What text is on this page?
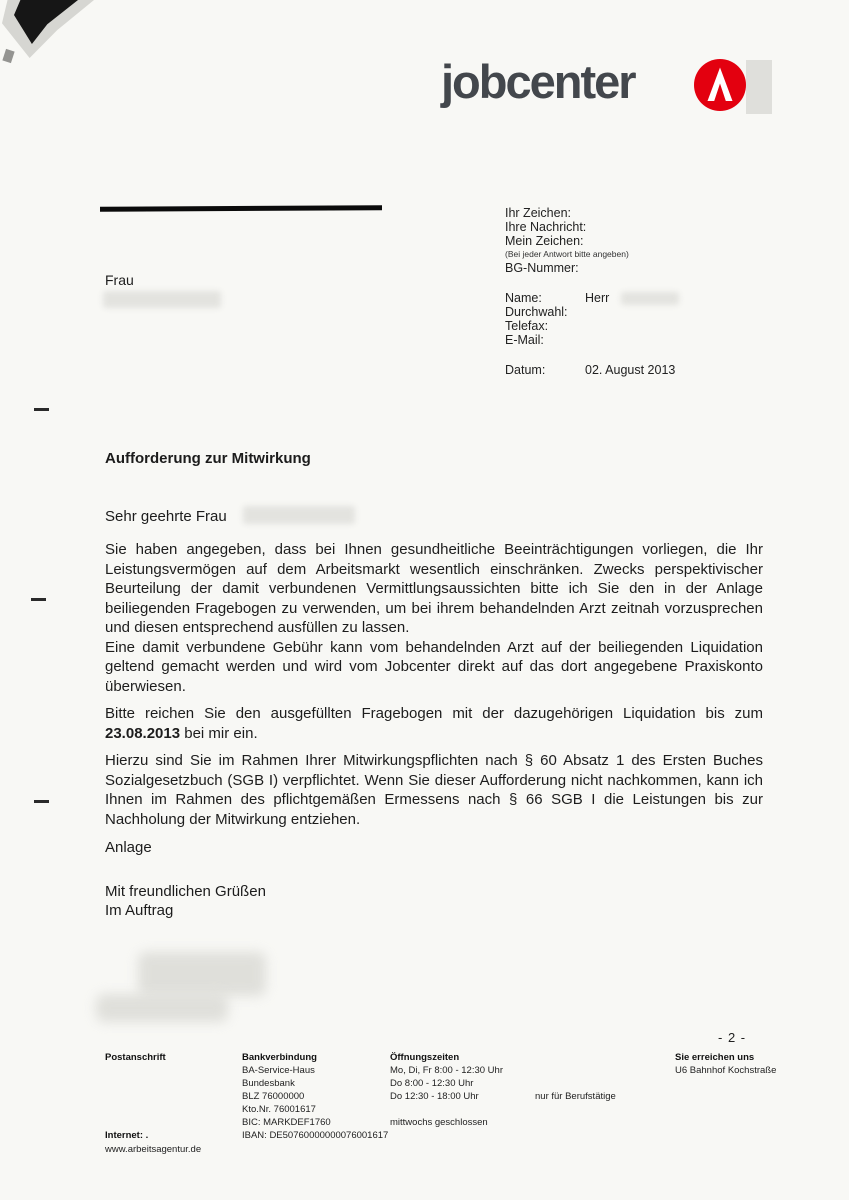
jobcenter
Frau
Ihr Zeichen:
Ihre Nachricht:
Mein Zeichen:
(Bei jeder Antwort bitte angeben)
BG-Nummer:
Name:	Herr
Durchwahl:
Telefax:
E-Mail:
Datum:	02. August 2013
Aufforderung zur Mitwirkung
Sehr geehrte Frau

Sie haben angegeben, dass bei Ihnen gesundheitliche Beeinträchtigungen vorliegen, die Ihr Leistungsvermögen auf dem Arbeitsmarkt wesentlich einschränken. Zwecks perspektivischer Beurteilung der damit verbundenen Vermittlungsaussichten bitte ich Sie den in der Anlage beiliegenden Fragebogen zu verwenden, um bei ihrem behandelnden Arzt zeitnah vorzusprechen und diesen entsprechend ausfüllen zu lassen.

Eine damit verbundene Gebühr kann vom behandelnden Arzt auf der beiliegenden Liquidation geltend gemacht werden und wird vom Jobcenter direkt auf das dort angegebene Praxiskonto überwiesen.

Bitte reichen Sie den ausgefüllten Fragebogen mit der dazugehörigen Liquidation bis zum 23.08.2013 bei mir ein.

Hierzu sind Sie im Rahmen Ihrer Mitwirkungspflichten nach § 60 Absatz 1 des Ersten Buches Sozialgesetzbuch (SGB I) verpflichtet. Wenn Sie dieser Aufforderung nicht nachkommen, kann ich Ihnen im Rahmen des pflichtgemäßen Ermessens nach § 66 SGB I die Leistungen bis zur Nachholung der Mitwirkung entziehen.

Anlage
Mit freundlichen Grüßen
Im Auftrag
- 2 -
Postanschrift
Internet: .
www.arbeitsagentur.de
Bankverbindung
BA-Service-Haus
Bundesbank
BLZ 76000000
Kto.Nr. 76001617
BIC: MARKDEF1760
IBAN: DE50760000000076001617
Öffnungszeiten
Mo, Di, Fr 8:00 - 12:30 Uhr
Do 8:00 - 12:30 Uhr
Do 12:30 - 18:00 Uhr
mittwochs geschlossen
nur für Berufstätige
Sie erreichen uns
U6 Bahnhof Kochstraße
